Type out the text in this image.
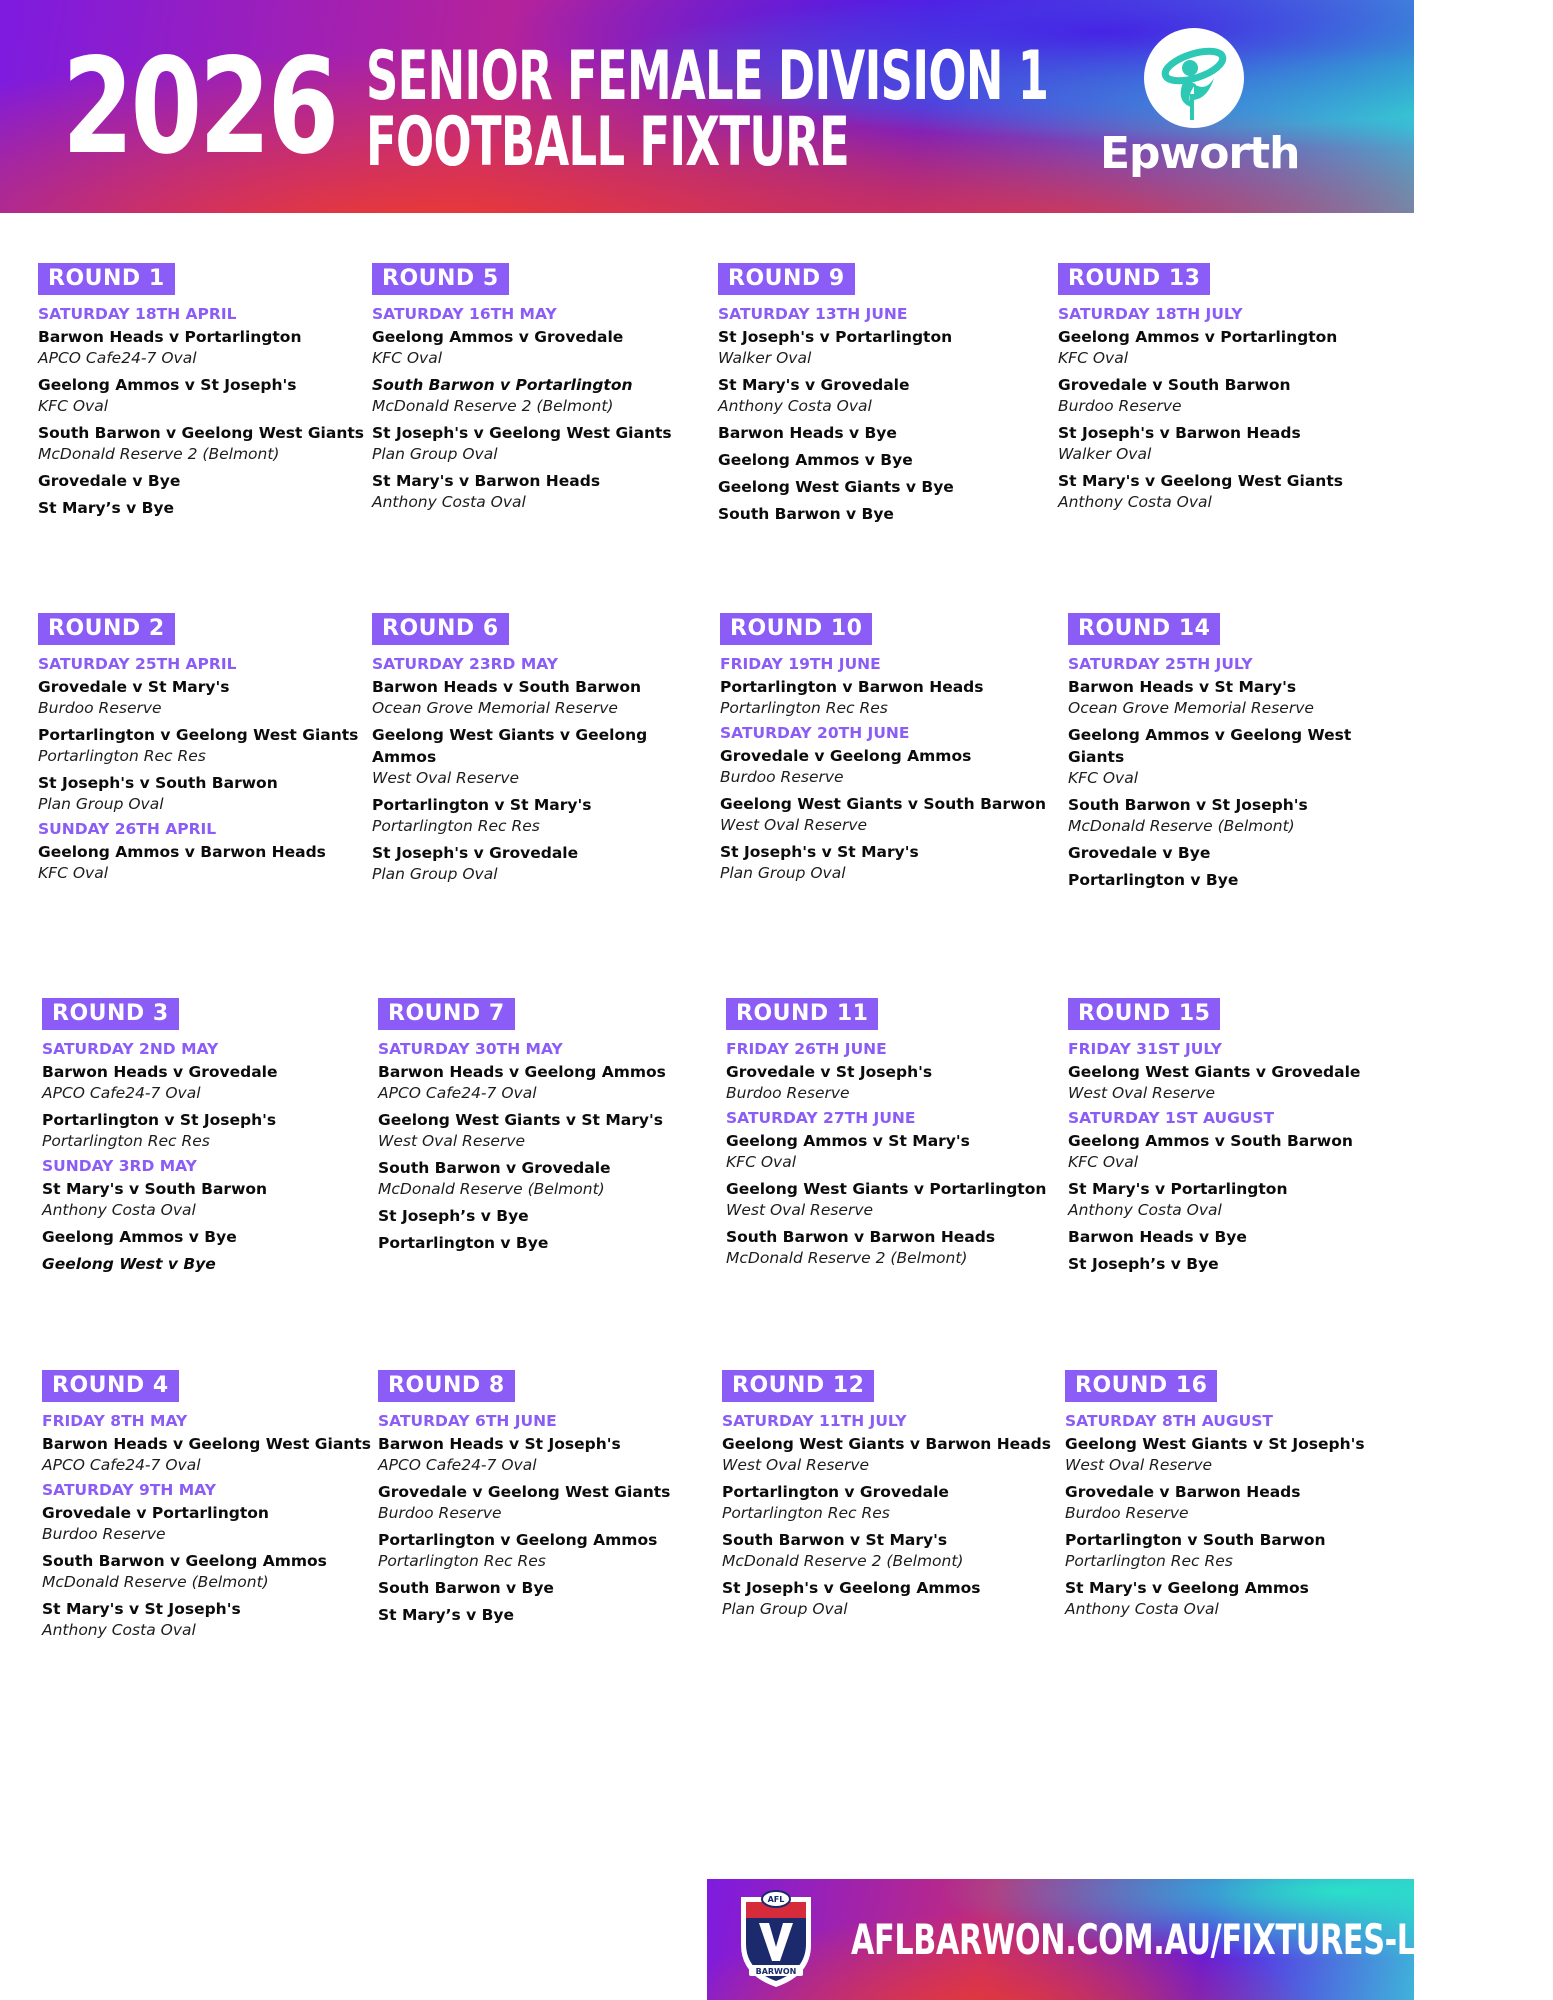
2026 SENIOR FEMALE DIVISION 1
FOOTBALL FIXTURE	Epworth
ROUND 1
SATURDAY 18TH APRIL
Barwon Heads v Portarlington
APCO Cafe24-7 Oval
Geelong Ammos v St Joseph's
KFC Oval
South Barwon v Geelong West Giants
McDonald Reserve 2 (Belmont)
Grovedale v Bye
St Mary’s v Bye
ROUND 2
SATURDAY 25TH APRIL
Grovedale v St Mary's
Burdoo Reserve
Portarlington v Geelong West Giants
Portarlington Rec Res
St Joseph's v South Barwon
Plan Group Oval
SUNDAY 26TH APRIL
Geelong Ammos v Barwon Heads
KFC Oval
ROUND 3
SATURDAY 2ND MAY
Barwon Heads v Grovedale
APCO Cafe24-7 Oval
Portarlington v St Joseph's
Portarlington Rec Res
SUNDAY 3RD MAY
St Mary's v South Barwon
Anthony Costa Oval
Geelong Ammos v Bye
Geelong West v Bye
ROUND 4
FRIDAY 8TH MAY
Barwon Heads v Geelong West Giants
APCO Cafe24-7 Oval
SATURDAY 9TH MAY
Grovedale v Portarlington
Burdoo Reserve
South Barwon v Geelong Ammos
McDonald Reserve (Belmont)
St Mary's v St Joseph's
Anthony Costa Oval
ROUND 5
SATURDAY 16TH MAY
Geelong Ammos v Grovedale
KFC Oval
South Barwon v Portarlington
McDonald Reserve 2 (Belmont)
St Joseph's v Geelong West Giants
Plan Group Oval
St Mary's v Barwon Heads
Anthony Costa Oval
ROUND 6
SATURDAY 23RD MAY
Barwon Heads v South Barwon
Ocean Grove Memorial Reserve
Geelong West Giants v Geelong Ammos
West Oval Reserve
Portarlington v St Mary's
Portarlington Rec Res
St Joseph's v Grovedale
Plan Group Oval
ROUND 7
SATURDAY 30TH MAY
Barwon Heads v Geelong Ammos
APCO Cafe24-7 Oval
Geelong West Giants v St Mary's
West Oval Reserve
South Barwon v Grovedale
McDonald Reserve (Belmont)
St Joseph’s v Bye
Portarlington v Bye
ROUND 8
SATURDAY 6TH JUNE
Barwon Heads v St Joseph's
APCO Cafe24-7 Oval
Grovedale v Geelong West Giants
Burdoo Reserve
Portarlington v Geelong Ammos
Portarlington Rec Res
South Barwon v Bye
St Mary’s v Bye
ROUND 9
SATURDAY 13TH JUNE
St Joseph's v Portarlington
Walker Oval
St Mary's v Grovedale
Anthony Costa Oval
Barwon Heads v Bye
Geelong Ammos v Bye
Geelong West Giants v Bye
South Barwon v Bye
ROUND 10
FRIDAY 19TH JUNE
Portarlington v Barwon Heads
Portarlington Rec Res
SATURDAY 20TH JUNE
Grovedale v Geelong Ammos
Burdoo Reserve
Geelong West Giants v South Barwon
West Oval Reserve
St Joseph's v St Mary's
Plan Group Oval
ROUND 11
FRIDAY 26TH JUNE
Grovedale v St Joseph's
Burdoo Reserve
SATURDAY 27TH JUNE
Geelong Ammos v St Mary's
KFC Oval
Geelong West Giants v Portarlington
West Oval Reserve
South Barwon v Barwon Heads
McDonald Reserve 2 (Belmont)
ROUND 12
SATURDAY 11TH JULY
Geelong West Giants v Barwon Heads
West Oval Reserve
Portarlington v Grovedale
Portarlington Rec Res
South Barwon v St Mary's
McDonald Reserve 2 (Belmont)
St Joseph's v Geelong Ammos
Plan Group Oval
ROUND 13
SATURDAY 18TH JULY
Geelong Ammos v Portarlington
KFC Oval
Grovedale v South Barwon
Burdoo Reserve
St Joseph's v Barwon Heads
Walker Oval
St Mary's v Geelong West Giants
Anthony Costa Oval
ROUND 14
SATURDAY 25TH JULY
Barwon Heads v St Mary's
Ocean Grove Memorial Reserve
Geelong Ammos v Geelong West Giants
KFC Oval
South Barwon v St Joseph's
McDonald Reserve (Belmont)
Grovedale v Bye
Portarlington v Bye
ROUND 15
FRIDAY 31ST JULY
Geelong West Giants v Grovedale
West Oval Reserve
SATURDAY 1ST AUGUST
Geelong Ammos v South Barwon
KFC Oval
St Mary's v Portarlington
Anthony Costa Oval
Barwon Heads v Bye
St Joseph’s v Bye
ROUND 16
SATURDAY 8TH AUGUST
Geelong West Giants v St Joseph's
West Oval Reserve
Grovedale v Barwon Heads
Burdoo Reserve
Portarlington v South Barwon
Portarlington Rec Res
St Mary's v Geelong Ammos
Anthony Costa Oval
AFL
BARWON
AFLBARWON.COM.AU/FIXTURES-LADDERS
